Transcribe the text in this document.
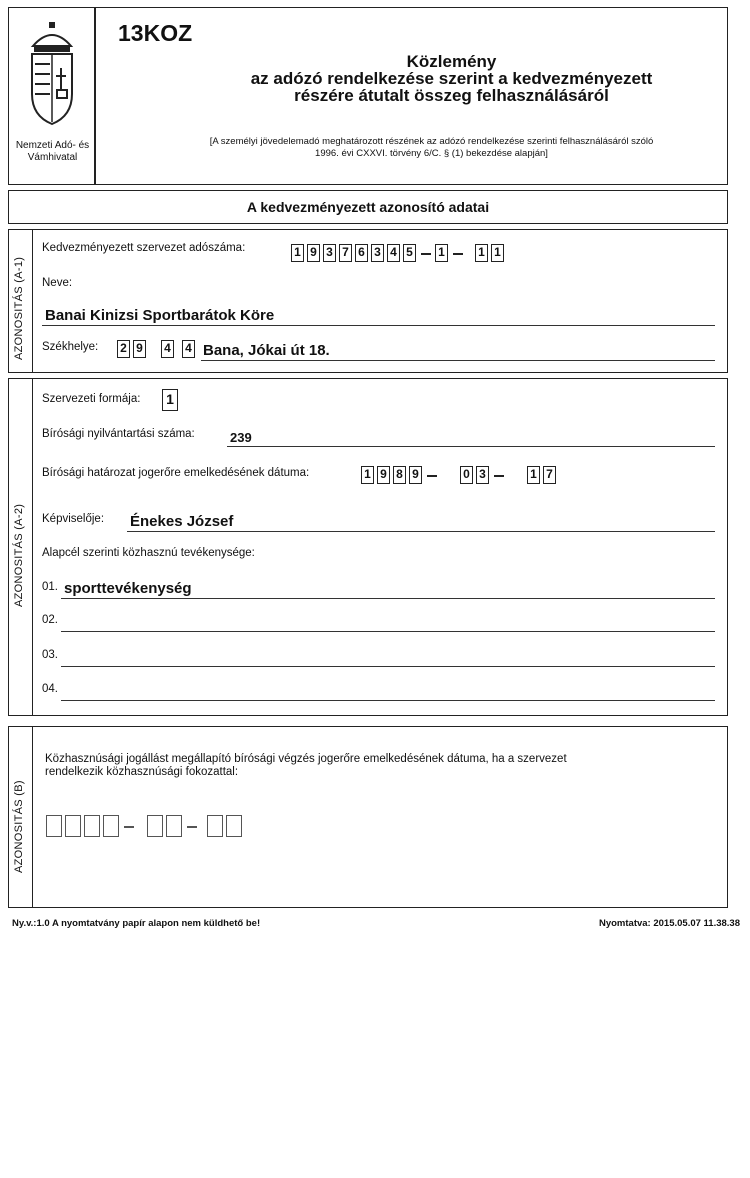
Nemzeti Adó- és Vámhivatal
13KOZ
Közlemény
az adózó rendelkezése szerint a kedvezményezett
részére átutalt összeg felhasználásáról
[A személyi jövedelemadó meghatározott részének az adózó rendelkezése szerinti felhasználásáról szóló
1996. évi CXXVI. törvény 6/C. § (1) bekezdése alapján]
A kedvezményezett azonosító adatai
AZONOSITÁS (A-1)
Kedvezményezett szervezet adószáma:	1 9 3 7 6 3 4 5 1	1 1
Neve:
Banai Kinizsi Sportbarátok Köre
Székhelye: 2 9 4 4 Bana, Jókai út 18.
AZONOSITÁS (A-2)
Szervezeti formája: 1
Bírósági nyilvántartási száma:	239
Bírósági határozat jogerőre emelkedésének dátuma:	1 9 8 9	0 3	1 7
Képviselője: Énekes József
Alapcél szerinti közhasznú tevékenysége:
01. sporttevékenység
02.
03.
04.
AZONOSITÁS (B)
Közhasznúsági jogállást megállapító bírósági végzés jogerőre emelkedésének dátuma, ha a szervezet
rendelkezik közhasznúsági fokozattal:
Ny.v.:1.0 A nyomtatvány papír alapon nem küldhető be!	Nyomtatva: 2015.05.07 11.38.38
